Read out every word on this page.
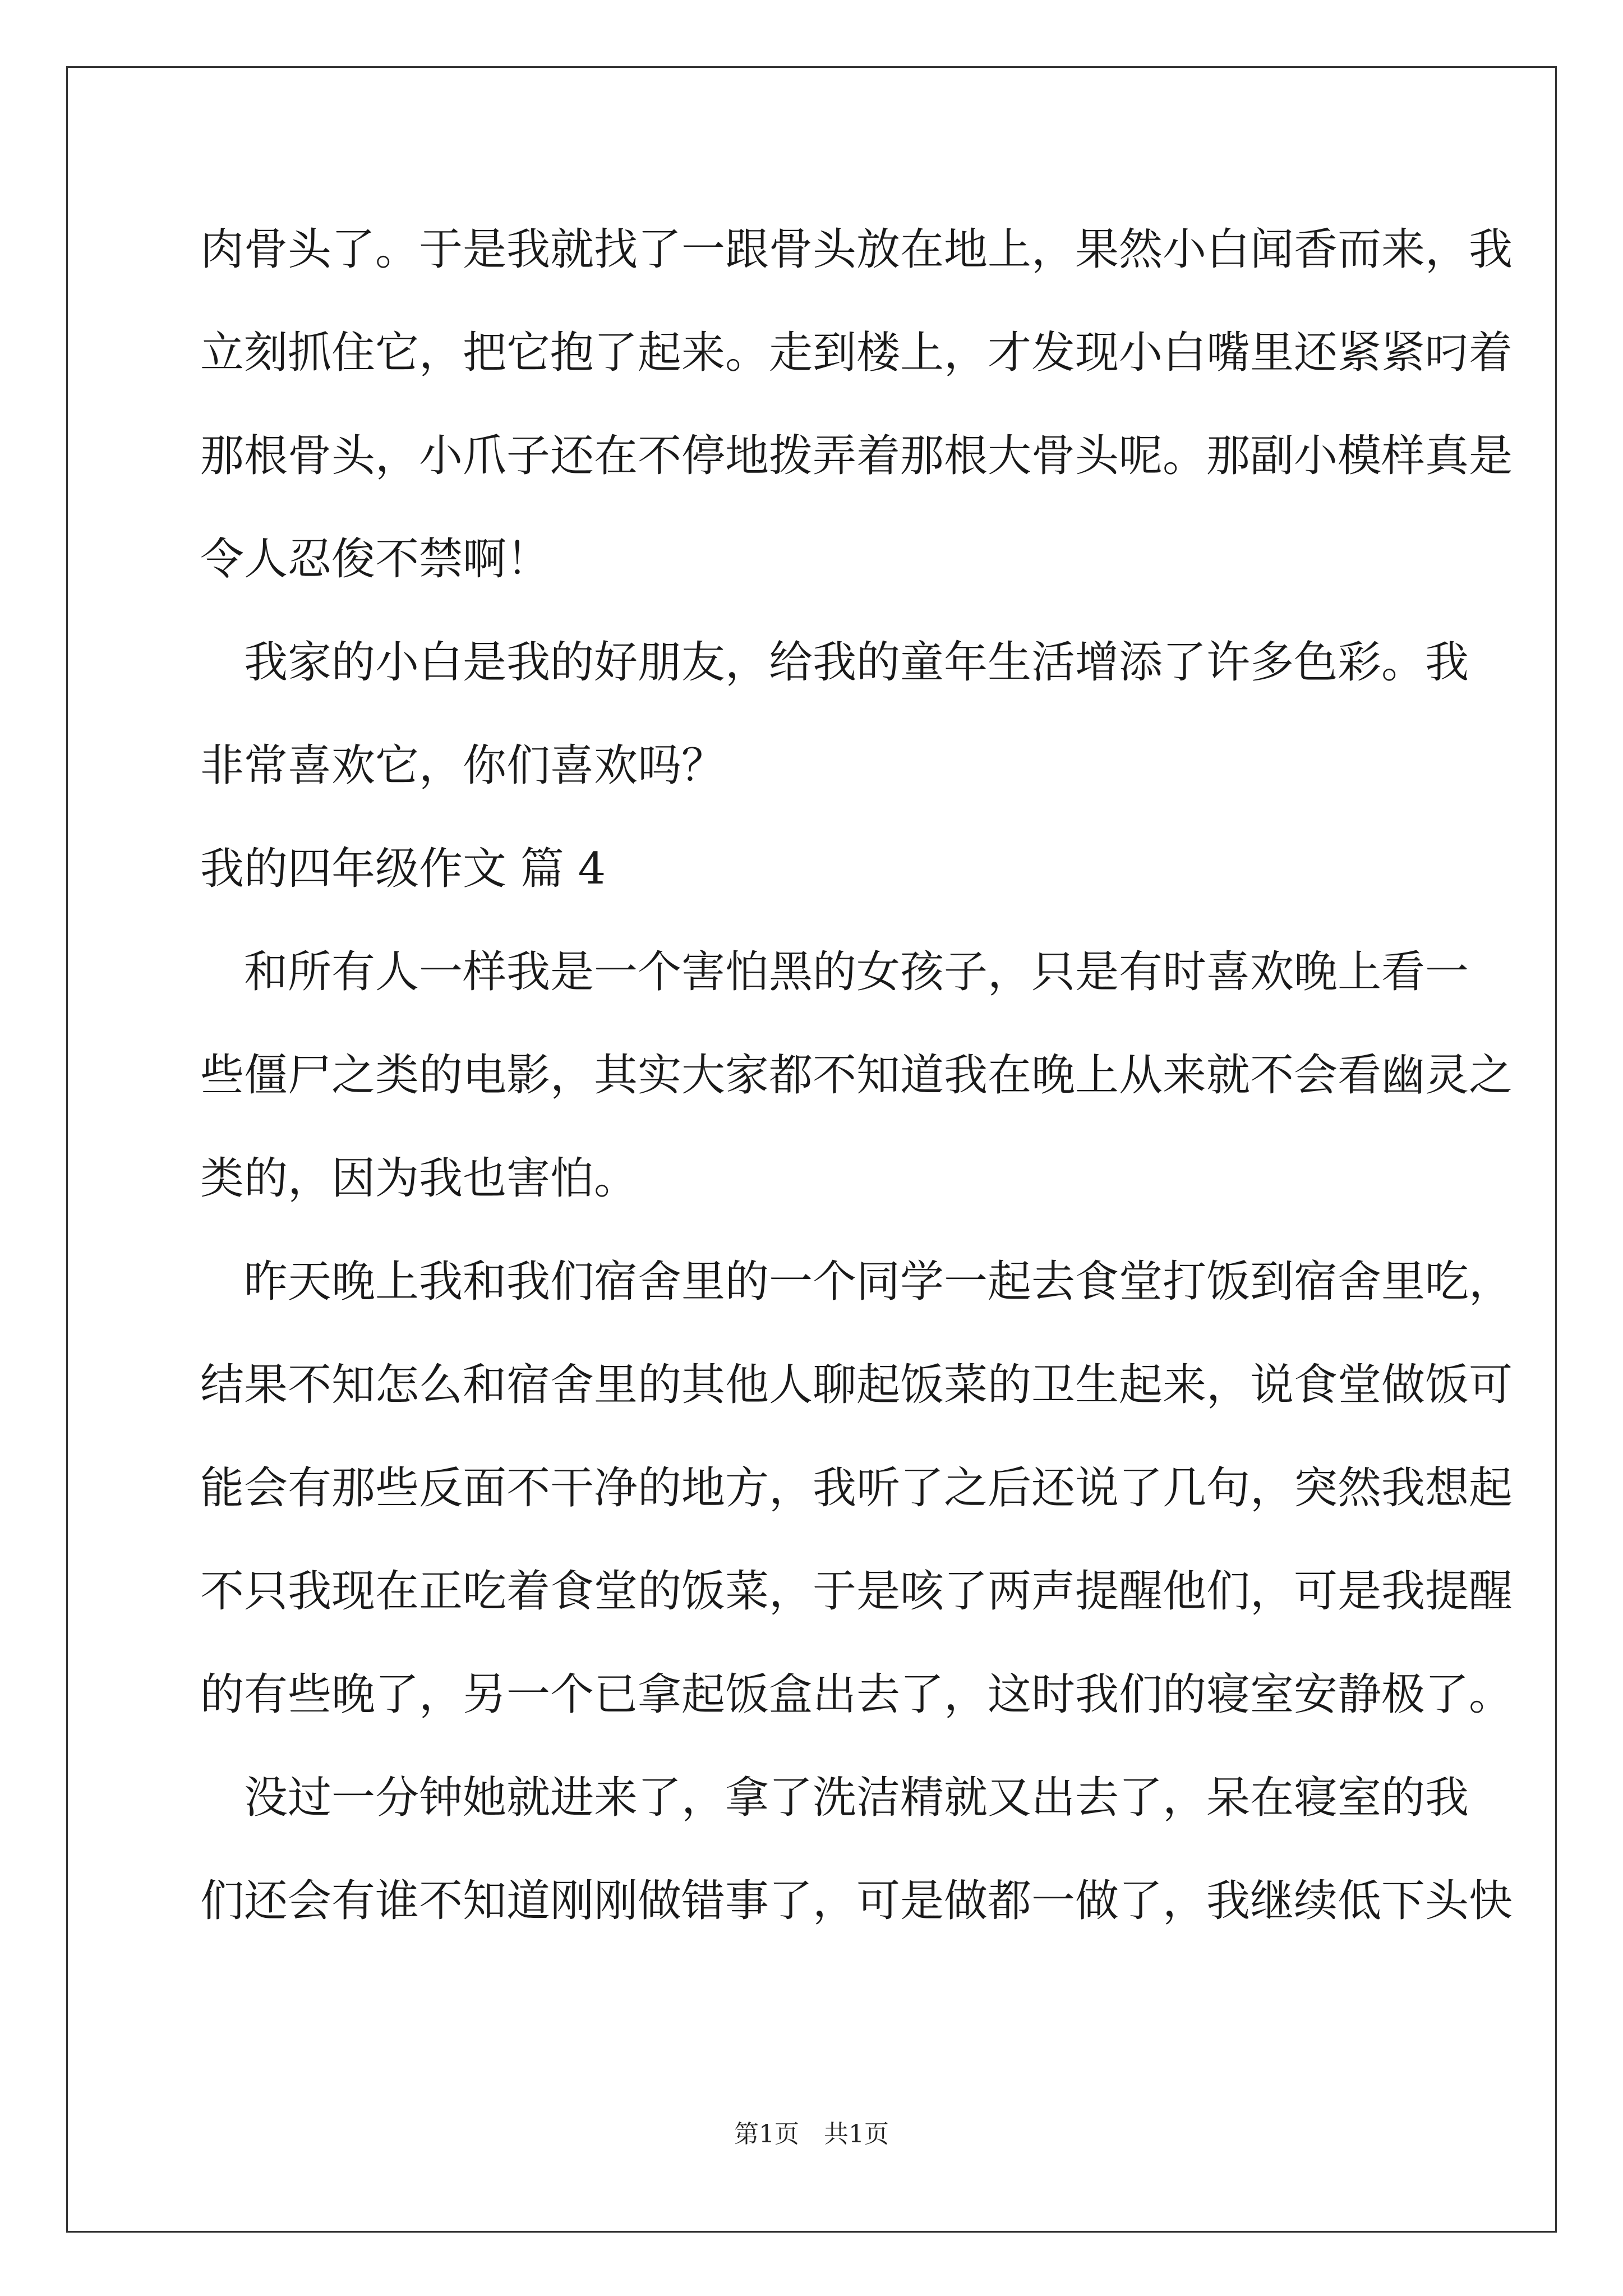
肉骨头了。于是我就找了一跟骨头放在地上，果然小白闻香而来，我
立刻抓住它，把它抱了起来。走到楼上，才发现小白嘴里还紧紧叼着
那根骨头，小爪子还在不停地拨弄着那根大骨头呢。那副小模样真是
令人忍俊不禁啊！
　我家的小白是我的好朋友，给我的童年生活增添了许多色彩。我
非常喜欢它，你们喜欢吗？
我的四年级作文 篇 4
　和所有人一样我是一个害怕黑的女孩子，只是有时喜欢晚上看一
些僵尸之类的电影，其实大家都不知道我在晚上从来就不会看幽灵之
类的，因为我也害怕。
　昨天晚上我和我们宿舍里的一个同学一起去食堂打饭到宿舍里吃，
结果不知怎么和宿舍里的其他人聊起饭菜的卫生起来，说食堂做饭可
能会有那些反面不干净的地方，我听了之后还说了几句，突然我想起
不只我现在正吃着食堂的饭菜，于是咳了两声提醒他们，可是我提醒
的有些晚了，另一个已拿起饭盒出去了，这时我们的寝室安静极了。
　没过一分钟她就进来了，拿了洗洁精就又出去了，呆在寝室的我
们还会有谁不知道刚刚做错事了，可是做都一做了，我继续低下头快
第1页　共1页
